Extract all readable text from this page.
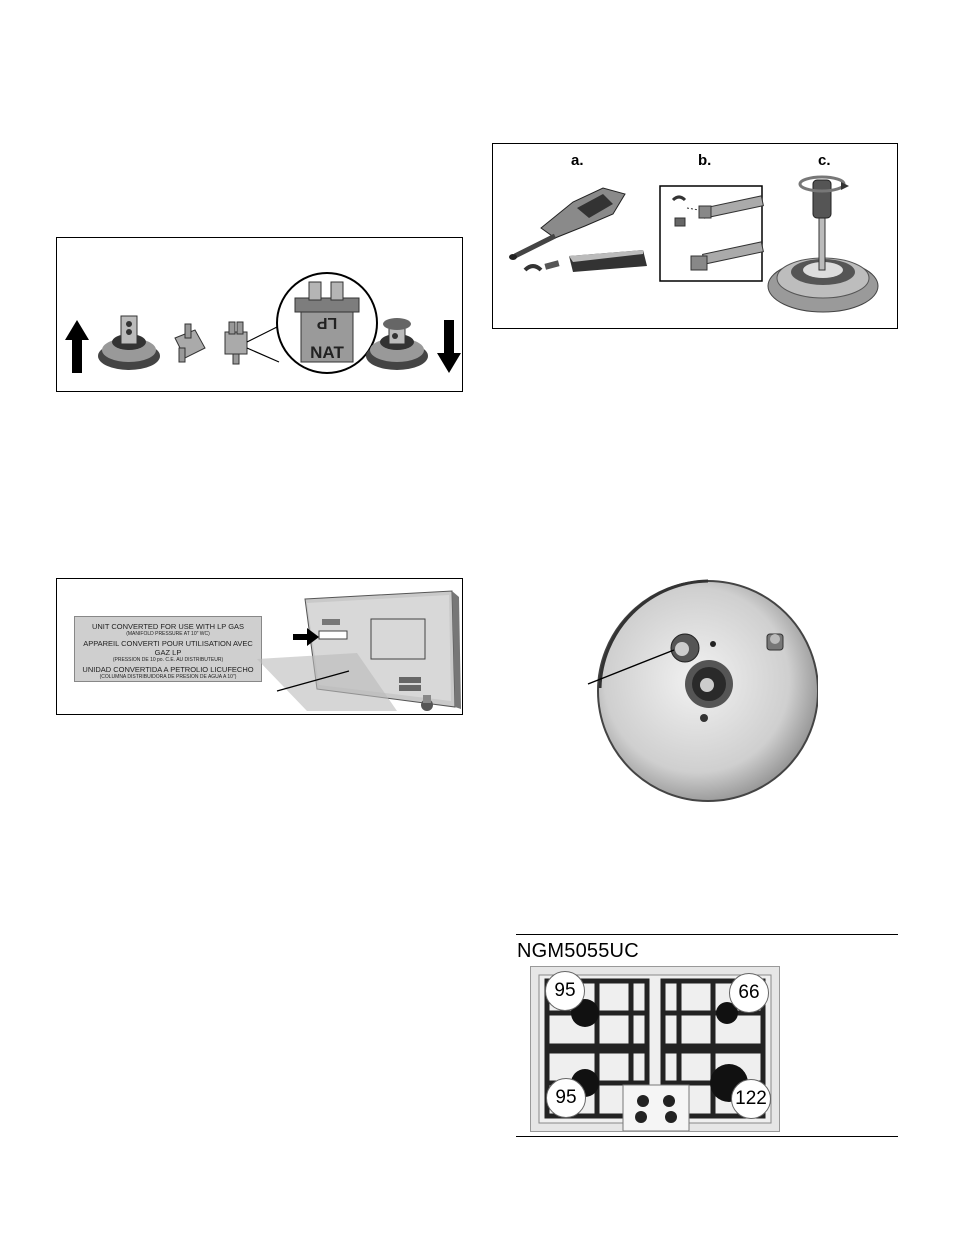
LP
NAT
a.	b.	c.
UNIT CONVERTED FOR USE WITH LP GAS
(MANIFOLD PRESSURE AT 10" WC)
APPAREIL CONVERTI POUR UTILISATION AVEC GAZ LP
(PRESSION DE 10 po. C.E. AU DISTRIBUTEUR)
UNIDAD CONVERTIDA A PETROLIO LICUFECHO
(COLUMNA DISTRIBUIDORA DE PRESION DE AGUA A 10")
NGM5055UC
95	66
95	122
